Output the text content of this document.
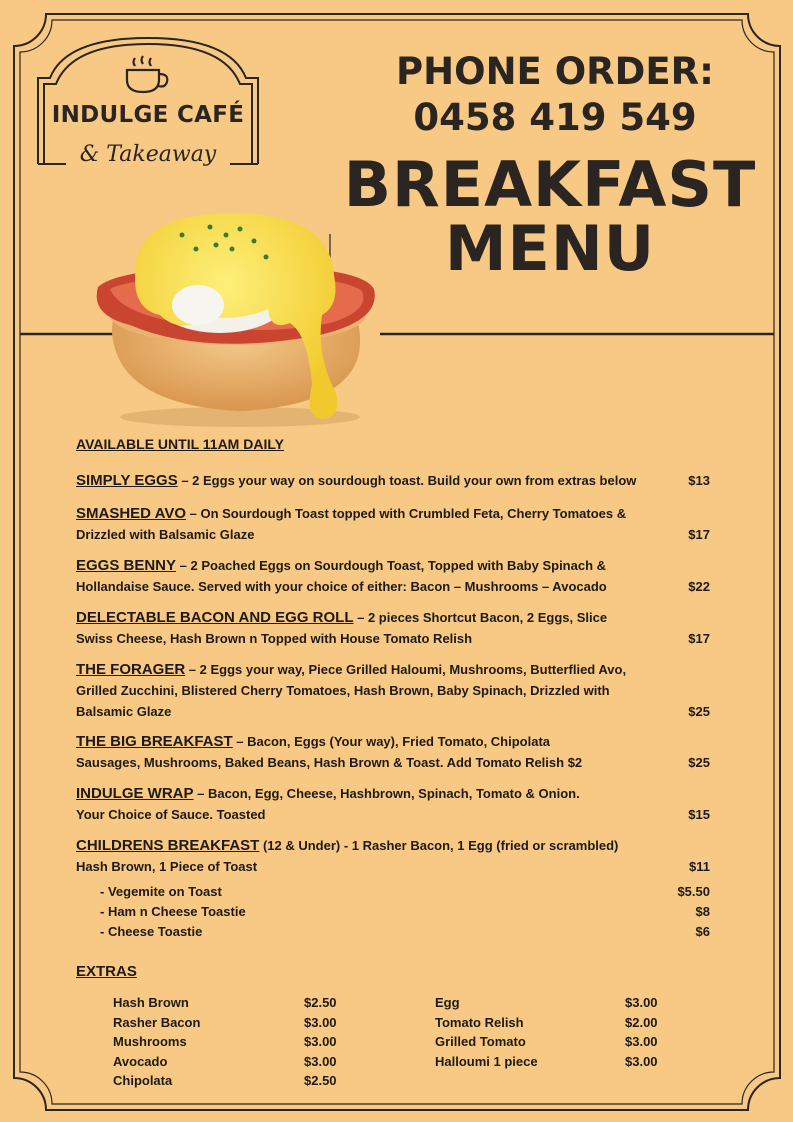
INDULGE CAFÉ
& Takeaway
PHONE ORDER:
0458 419 549
BREAKFAST
MENU
AVAILABLE UNTIL 11AM DAILY
SIMPLY EGGS – 2 Eggs your way on sourdough toast. Build your own from extras below	$13
SMASHED AVO – On Sourdough Toast topped with Crumbled Feta, Cherry Tomatoes &
Drizzled with Balsamic Glaze	$17
EGGS BENNY – 2 Poached Eggs on Sourdough Toast, Topped with Baby Spinach &
Hollandaise Sauce. Served with your choice of either: Bacon – Mushrooms – Avocado	$22
DELECTABLE BACON AND EGG ROLL – 2 pieces Shortcut Bacon, 2 Eggs, Slice
Swiss Cheese, Hash Brown n Topped with House Tomato Relish	$17
THE FORAGER – 2 Eggs your way, Piece Grilled Haloumi, Mushrooms, Butterflied Avo,
Grilled Zucchini, Blistered Cherry Tomatoes, Hash Brown, Baby Spinach, Drizzled with
Balsamic Glaze	$25
THE BIG BREAKFAST – Bacon, Eggs (Your way), Fried Tomato, Chipolata
Sausages, Mushrooms, Baked Beans, Hash Brown & Toast. Add Tomato Relish $2	$25
INDULGE WRAP – Bacon, Egg, Cheese, Hashbrown, Spinach, Tomato & Onion.
Your Choice of Sauce. Toasted	$15
CHILDRENS BREAKFAST (12 & Under) - 1 Rasher Bacon, 1 Egg (fried or scrambled)
Hash Brown, 1 Piece of Toast	$11
- Vegemite on Toast	$5.50
- Ham n Cheese Toastie	$8
- Cheese Toastie	$6
EXTRAS
Hash Brown	$2.50
Rasher Bacon	$3.00
Mushrooms	$3.00
Avocado	$3.00
Chipolata	$2.50
Egg	$3.00
Tomato Relish	$2.00
Grilled Tomato	$3.00
Halloumi 1 piece	$3.00
